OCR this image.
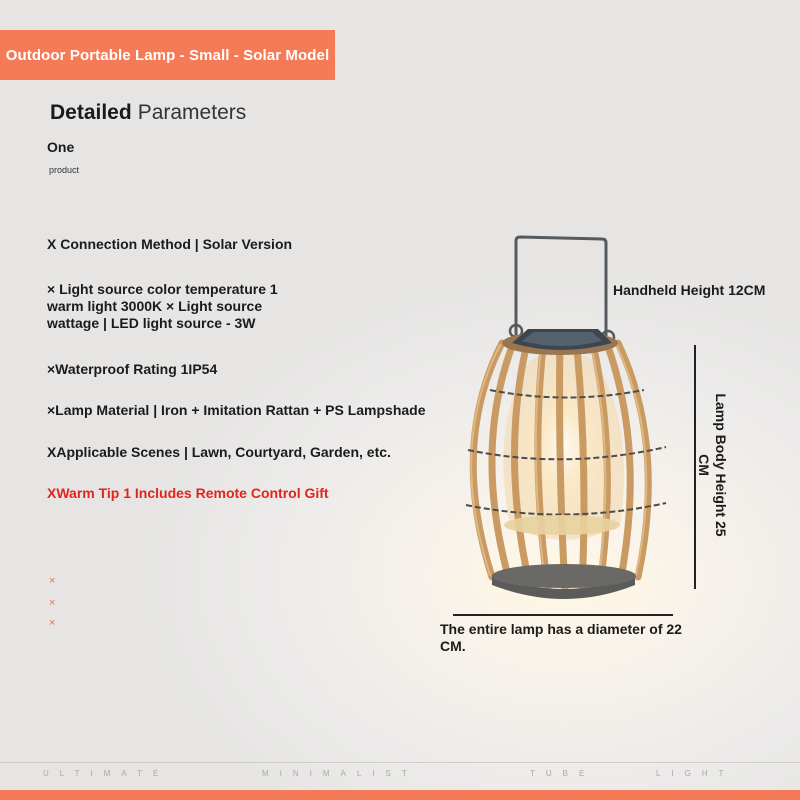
Outdoor Portable Lamp - Small - Solar Model
Detailed Parameters
One
product
X Connection Method | Solar Version
× Light source color temperature 1
warm light 3000K × Light source
wattage | LED light source - 3W
×Waterproof Rating 1IP54
×Lamp Material | Iron + Imitation Rattan + PS Lampshade
XApplicable Scenes | Lawn, Courtyard, Garden, etc.
XWarm Tip 1 Includes Remote Control Gift
×
×
×
Handheld Height 12CM
Lamp Body Height 25 CM
The entire lamp has a diameter of 22
CM.
ULTIMATE	MINIMALIST	TUBE	LIGHT
